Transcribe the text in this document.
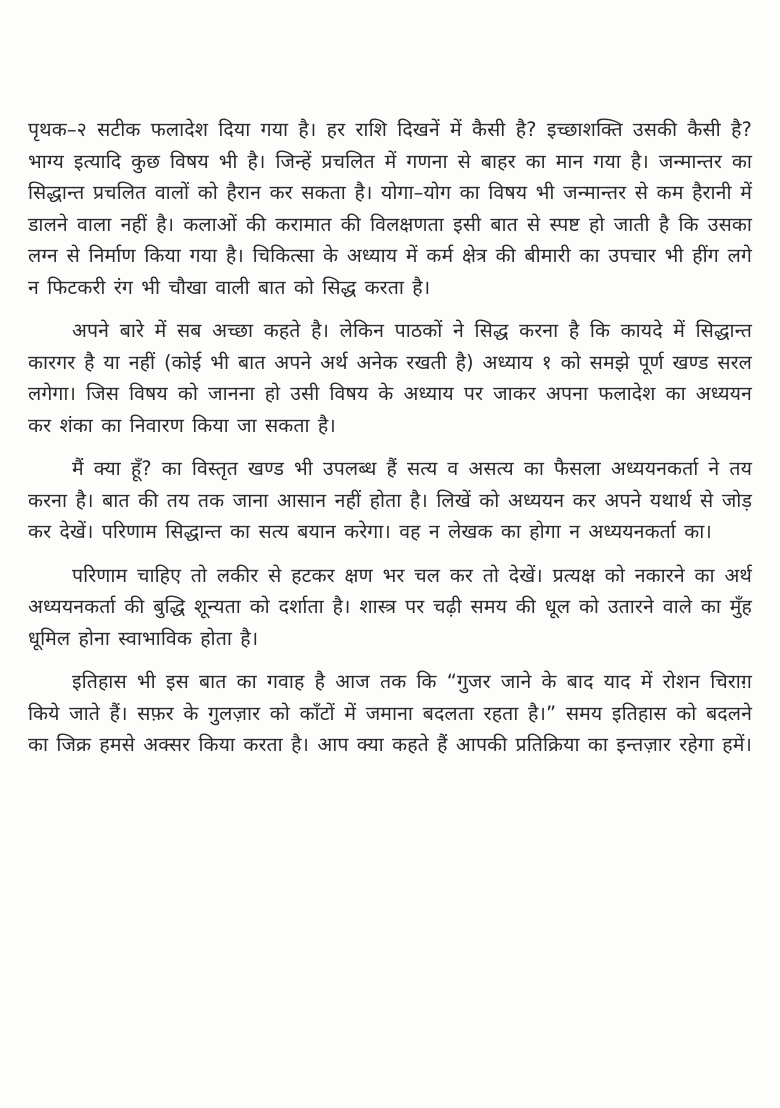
पृथक–२ सटीक फलादेश दिया गया है। हर राशि दिखनें में कैसी है? इच्छाशक्ति उसकी कैसी है? भाग्य इत्यादि कुछ विषय भी है। जिन्हें प्रचलित में गणना से बाहर का मान गया है। जन्मान्तर का सिद्धान्त प्रचलित वालों को हैरान कर सकता है। योगा–योग का विषय भी जन्मान्तर से कम हैरानी में डालने वाला नहीं है। कलाओं की करामात की विलक्षणता इसी बात से स्पष्ट हो जाती है कि उसका लग्न से निर्माण किया गया है। चिकित्सा के अध्याय में कर्म क्षेत्र की बीमारी का उपचार भी हींग लगे न फिटकरी रंग भी चौखा वाली बात को सिद्ध करता है।

अपने बारे में सब अच्छा कहते है। लेकिन पाठकों ने सिद्ध करना है कि कायदे में सिद्धान्त कारगर है या नहीं (कोई भी बात अपने अर्थ अनेक रखती है) अध्याय १ को समझे पूर्ण खण्ड सरल लगेगा। जिस विषय को जानना हो उसी विषय के अध्याय पर जाकर अपना फलादेश का अध्ययन कर शंका का निवारण किया जा सकता है।

मैं क्या हूँ? का विस्तृत खण्ड भी उपलब्ध हैं सत्य व असत्य का फैसला अध्ययनकर्ता ने तय करना है। बात की तय तक जाना आसान नहीं होता है। लिखें को अध्ययन कर अपने यथार्थ से जोड़ कर देखें। परिणाम सिद्धान्त का सत्य बयान करेगा। वह न लेखक का होगा न अध्ययनकर्ता का।

परिणाम चाहिए तो लकीर से हटकर क्षण भर चल कर तो देखें। प्रत्यक्ष को नकारने का अर्थ अध्ययनकर्ता की बुद्धि शून्यता को दर्शाता है। शास्त्र पर चढ़ी समय की धूल को उतारने वाले का मुँह धूमिल होना स्वाभाविक होता है।

इतिहास भी इस बात का गवाह है आज तक कि “गुजर जाने के बाद याद में रोशन चिराग़ किये जाते हैं। सफ़र के गुलज़ार को काँटों में जमाना बदलता रहता है।” समय इतिहास को बदलने का जिक्र हमसे अक्सर किया करता है। आप क्या कहते हैं आपकी प्रतिक्रिया का इन्तज़ार रहेगा हमें।
